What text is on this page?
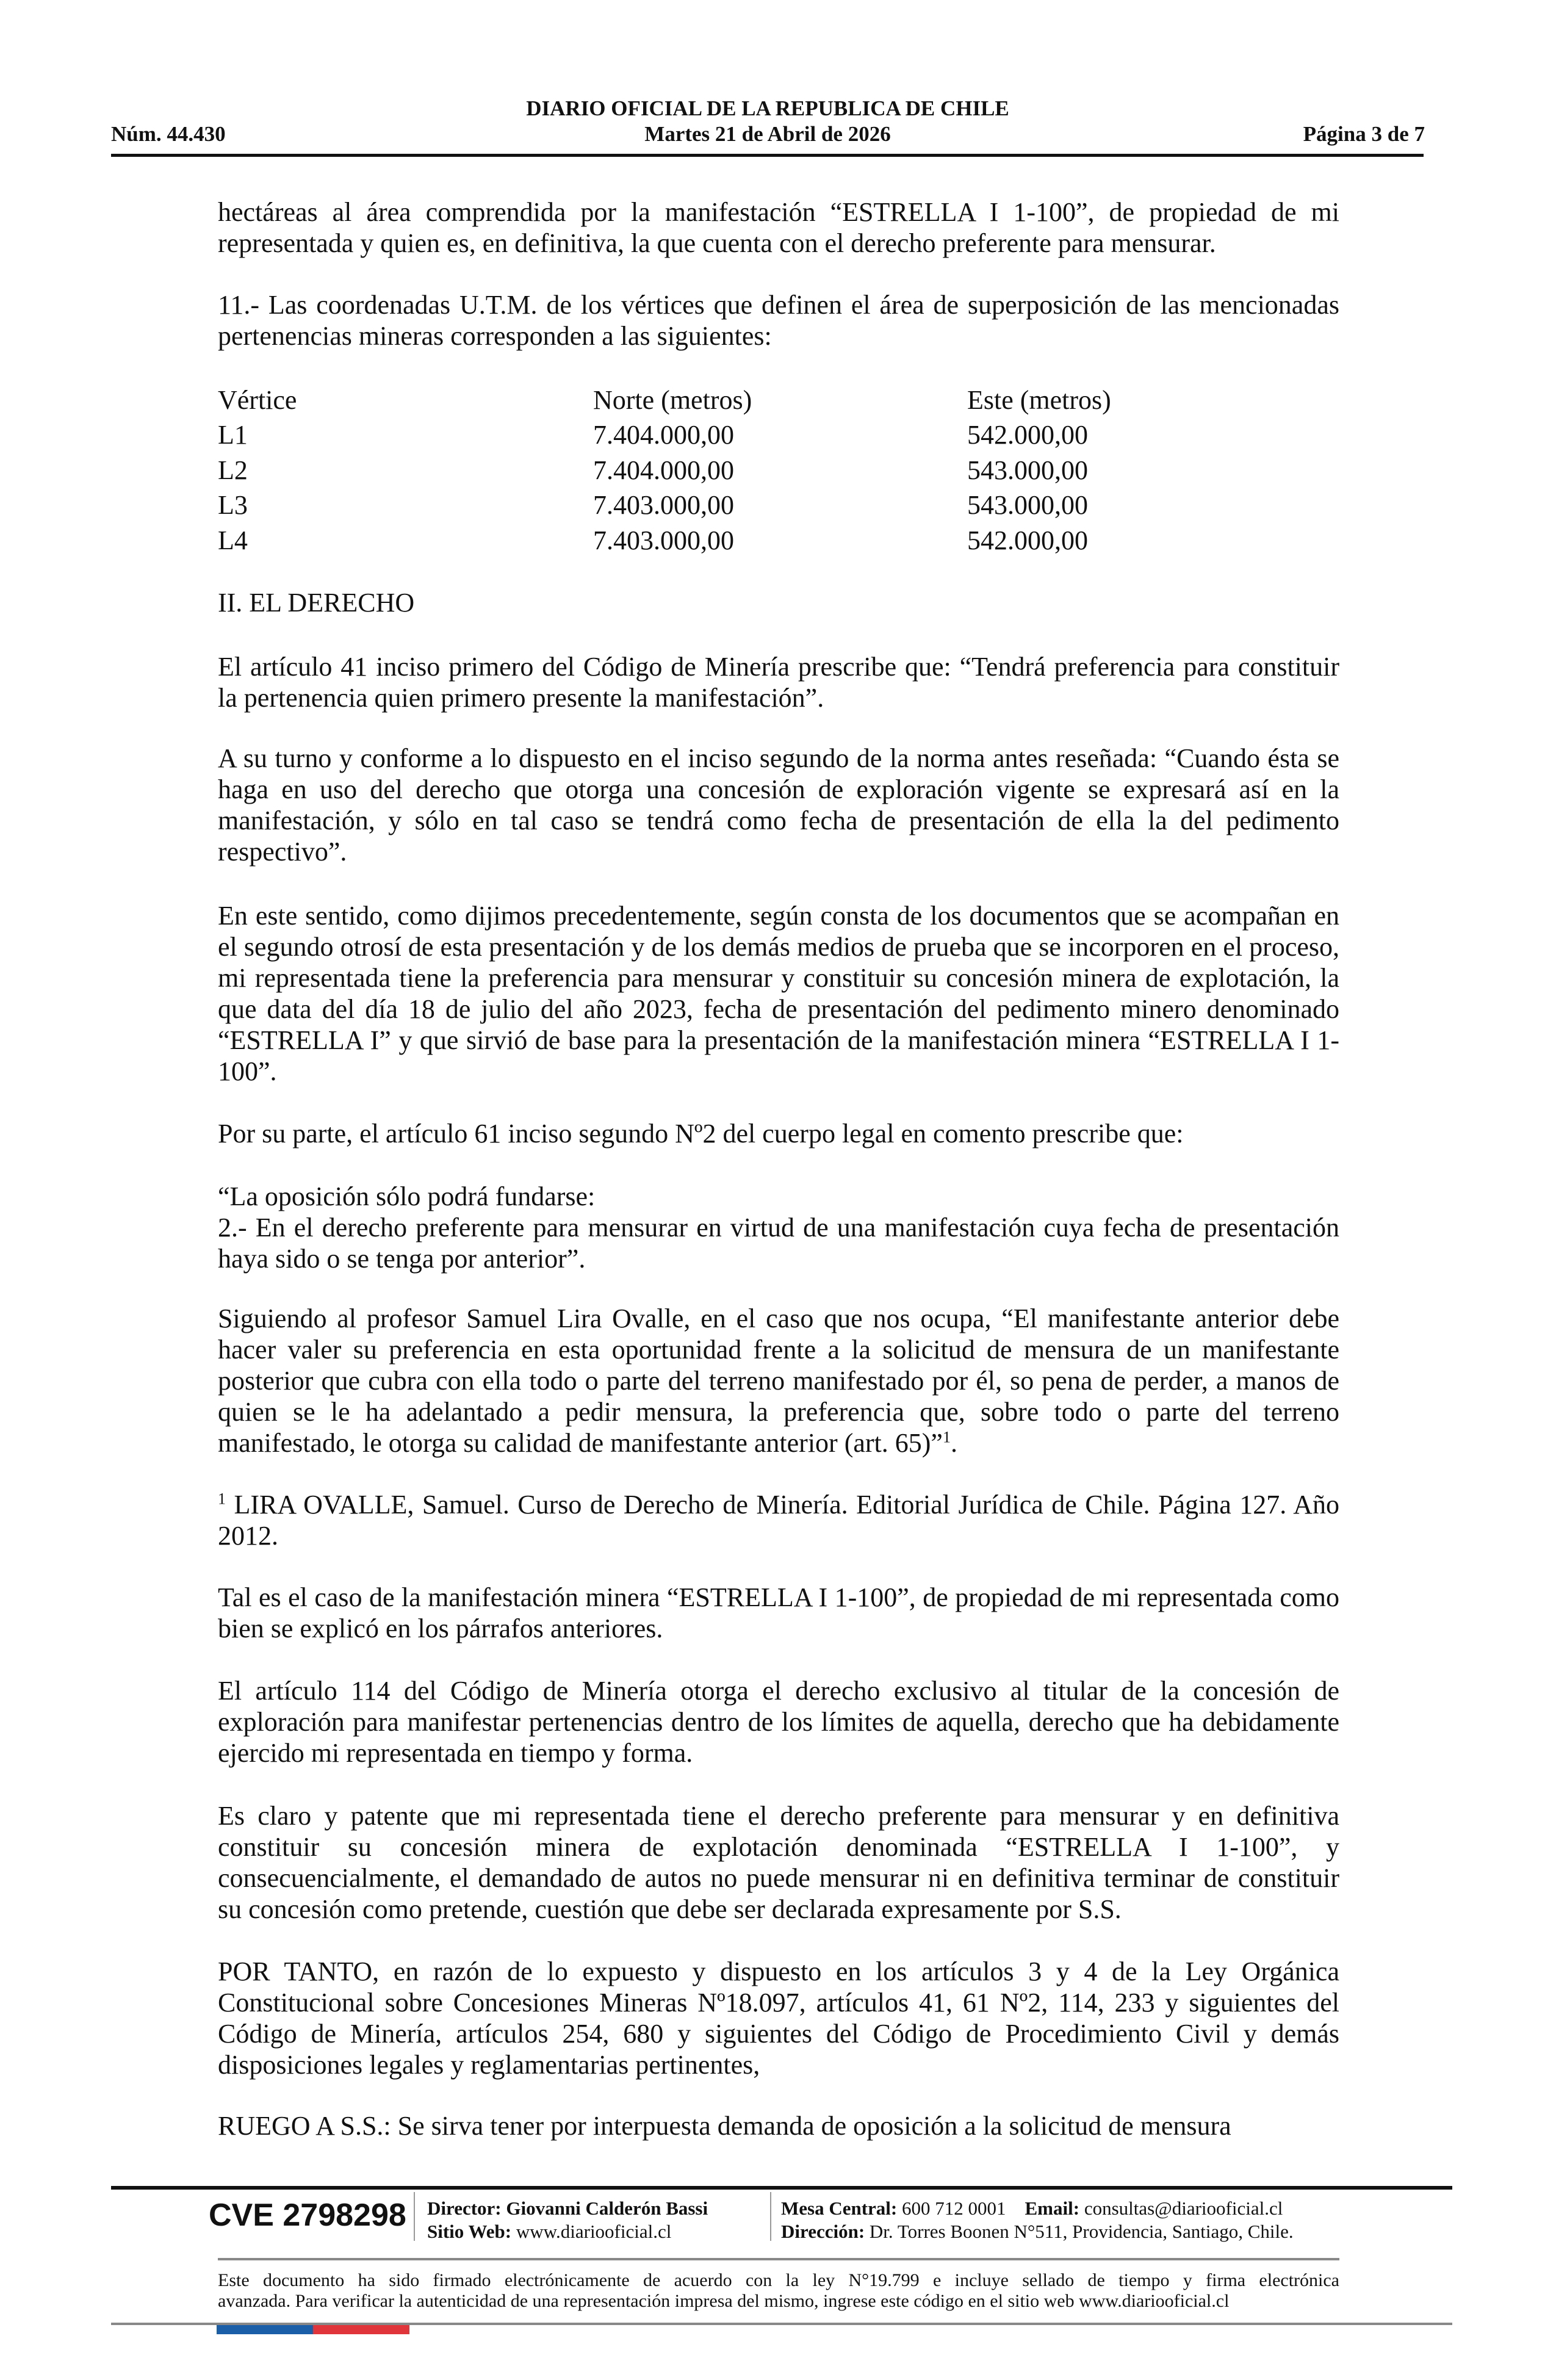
DIARIO OFICIAL DE LA REPUBLICA DE CHILE
Núm. 44.430	Martes 21 de Abril de 2026	Página 3 de 7
hectáreas al área comprendida por la manifestación “ESTRELLA I 1-100”, de propiedad de mi representada y quien es, en definitiva, la que cuenta con el derecho preferente para mensurar.
11.- Las coordenadas U.T.M. de los vértices que definen el área de superposición de las mencionadas pertenencias mineras corresponden a las siguientes:
Vértice	Norte (metros)	Este (metros)
L1	7.404.000,00	542.000,00
L2	7.404.000,00	543.000,00
L3	7.403.000,00	543.000,00
L4	7.403.000,00	542.000,00
II. EL DERECHO
El artículo 41 inciso primero del Código de Minería prescribe que: “Tendrá preferencia para constituir la pertenencia quien primero presente la manifestación”.
A su turno y conforme a lo dispuesto en el inciso segundo de la norma antes reseñada: “Cuando ésta se haga en uso del derecho que otorga una concesión de exploración vigente se expresará así en la manifestación, y sólo en tal caso se tendrá como fecha de presentación de ella la del pedimento respectivo”.
En este sentido, como dijimos precedentemente, según consta de los documentos que se acompañan en el segundo otrosí de esta presentación y de los demás medios de prueba que se incorporen en el proceso, mi representada tiene la preferencia para mensurar y constituir su concesión minera de explotación, la que data del día 18 de julio del año 2023, fecha de presentación del pedimento minero denominado “ESTRELLA I” y que sirvió de base para la presentación de la manifestación minera “ESTRELLA I 1-100”.
Por su parte, el artículo 61 inciso segundo Nº2 del cuerpo legal en comento prescribe que:
“La oposición sólo podrá fundarse:
2.- En el derecho preferente para mensurar en virtud de una manifestación cuya fecha de presentación haya sido o se tenga por anterior”.
Siguiendo al profesor Samuel Lira Ovalle, en el caso que nos ocupa, “El manifestante anterior debe hacer valer su preferencia en esta oportunidad frente a la solicitud de mensura de un manifestante posterior que cubra con ella todo o parte del terreno manifestado por él, so pena de perder, a manos de quien se le ha adelantado a pedir mensura, la preferencia que, sobre todo o parte del terreno manifestado, le otorga su calidad de manifestante anterior (art. 65)”$^1$.
$^1$ LIRA OVALLE, Samuel. Curso de Derecho de Minería. Editorial Jurídica de Chile. Página 127. Año 2012.
Tal es el caso de la manifestación minera “ESTRELLA I 1-100”, de propiedad de mi representada como bien se explicó en los párrafos anteriores.
El artículo 114 del Código de Minería otorga el derecho exclusivo al titular de la concesión de exploración para manifestar pertenencias dentro de los límites de aquella, derecho que ha debidamente ejercido mi representada en tiempo y forma.
Es claro y patente que mi representada tiene el derecho preferente para mensurar y en definitiva constituir su concesión minera de explotación denominada “ESTRELLA I 1-100”, y consecuencialmente, el demandado de autos no puede mensurar ni en definitiva terminar de constituir su concesión como pretende, cuestión que debe ser declarada expresamente por S.S.
POR TANTO, en razón de lo expuesto y dispuesto en los artículos 3 y 4 de la Ley Orgánica Constitucional sobre Concesiones Mineras Nº18.097, artículos 41, 61 Nº2, 114, 233 y siguientes del Código de Minería, artículos 254, 680 y siguientes del Código de Procedimiento Civil y demás disposiciones legales y reglamentarias pertinentes,
RUEGO A S.S.: Se sirva tener por interpuesta demanda de oposición a la solicitud de mensura
CVE 2798298 Director: Giovanni Calderón Bassi
Sitio Web: www.diariooficial.cl
Mesa Central: 600 712 0001 Email: consultas@diariooficial.cl
Dirección: Dr. Torres Boonen N°511, Providencia, Santiago, Chile.
Este documento ha sido firmado electrónicamente de acuerdo con la ley N°19.799 e incluye sellado de tiempo y firma electrónica
avanzada. Para verificar la autenticidad de una representación impresa del mismo, ingrese este código en el sitio web www.diariooficial.cl
